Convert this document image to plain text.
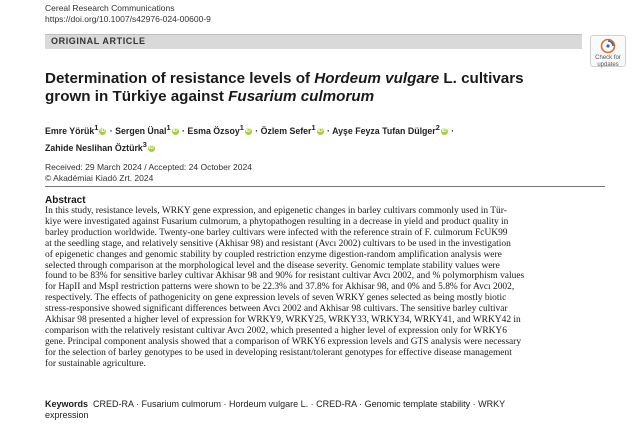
Cereal Research Communications
https://doi.org/10.1007/s42976-024-00600-9
ORIGINAL ARTICLE
Check for updates
Determination of resistance levels of Hordeum vulgare L. cultivars
grown in Türkiye against Fusarium culmorum
Emre Yörük$^1$ iD · Sergen Ünal$^1$ iD · Esma Özsoy$^1$ iD · Özlem Sefer$^1$ iD · Ayşe Feyza Tufan Dülger$^2$ iD ·
Zahide Neslihan Öztürk$^3$ iD
Received: 29 March 2024 / Accepted: 24 October 2024
© Akadémiai Kiadó Zrt. 2024
Abstract
In this study, resistance levels, WRKY gene expression, and epigenetic changes in barley cultivars commonly used in Tür-
kiye were investigated against Fusarium culmorum, a phytopathogen resulting in a decrease in yield and product quality in
barley production worldwide. Twenty-one barley cultivars were infected with the reference strain of F. culmorum FcUK99
at the seedling stage, and relatively sensitive (Akhisar 98) and resistant (Avcı 2002) cultivars to be used in the investigation
of epigenetic changes and genomic stability by coupled restriction enzyme digestion-random amplification analysis were
selected through comparison at the morphological level and the disease severity. Genomic template stability values were
found to be 83% for sensitive barley cultivar Akhisar 98 and 90% for resistant cultivar Avcı 2002, and % polymorphism values
for HapII and MspI restriction patterns were shown to be 22.3% and 37.8% for Akhisar 98, and 0% and 5.8% for Avcı 2002,
respectively. The effects of pathogenicity on gene expression levels of seven WRKY genes selected as being mostly biotic
stress-responsive showed significant differences between Avcı 2002 and Akhisar 98 cultivars. The sensitive barley cultivar
Akhisar 98 presented a higher level of expression for WRKY9, WRKY25, WRKY33, WRKY34, WRKY41, and WRKY42 in
comparison with the relatively resistant cultivar Avcı 2002, which presented a higher level of expression only for WRKY6
gene. Principal component analysis showed that a comparison of WRKY6 expression levels and GTS analysis were necessary
for the selection of barley genotypes to be used in developing resistant/tolerant genotypes for effective disease management
for sustainable agriculture.
Keywords CRED-RA · Fusarium culmorum · Hordeum vulgare L. · CRED-RA · Genomic template stability · WRKY
expression
